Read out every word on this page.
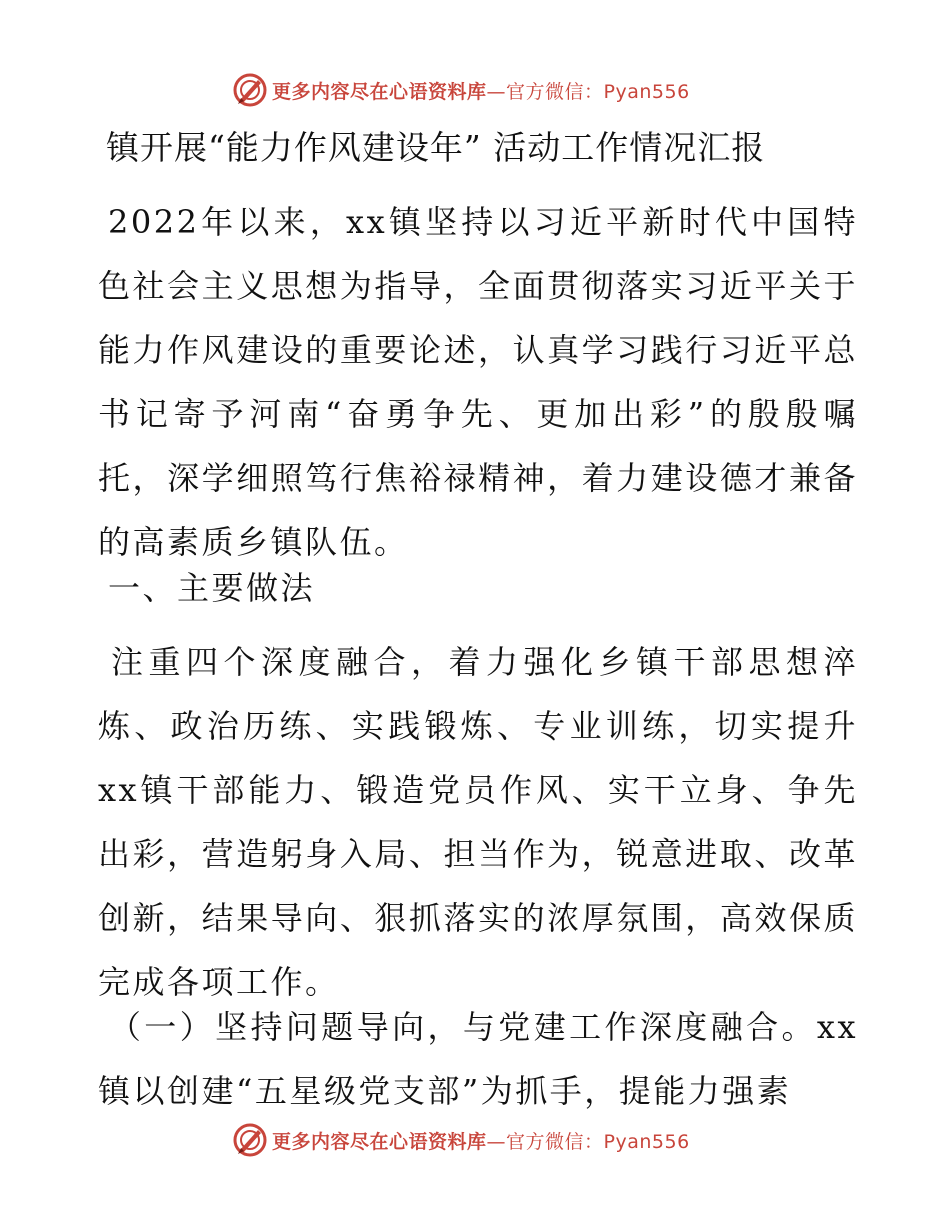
更多内容尽在心语资料库—官方微信：Pyan556
镇开展“能力作风建设年” 活动工作情况汇报
2022年以来，xx镇坚持以习近平新时代中国特色社会主义思想为指导，全面贯彻落实习近平关于能力作风建设的重要论述，认真学习践行习近平总书记寄予河南“奋勇争先、更加出彩”的殷殷嘱托，深学细照笃行焦裕禄精神，着力建设德才兼备的高素质乡镇队伍。
一、主要做法
注重四个深度融合，着力强化乡镇干部思想淬炼、政治历练、实践锻炼、专业训练，切实提升xx镇干部能力、锻造党员作风、实干立身、争先出彩，营造躬身入局、担当作为，锐意进取、改革创新，结果导向、狠抓落实的浓厚氛围，高效保质完成各项工作。
（一）坚持问题导向，与党建工作深度融合。xx镇以创建“五星级党支部”为抓手，提能力强素
更多内容尽在心语资料库—官方微信：Pyan556
